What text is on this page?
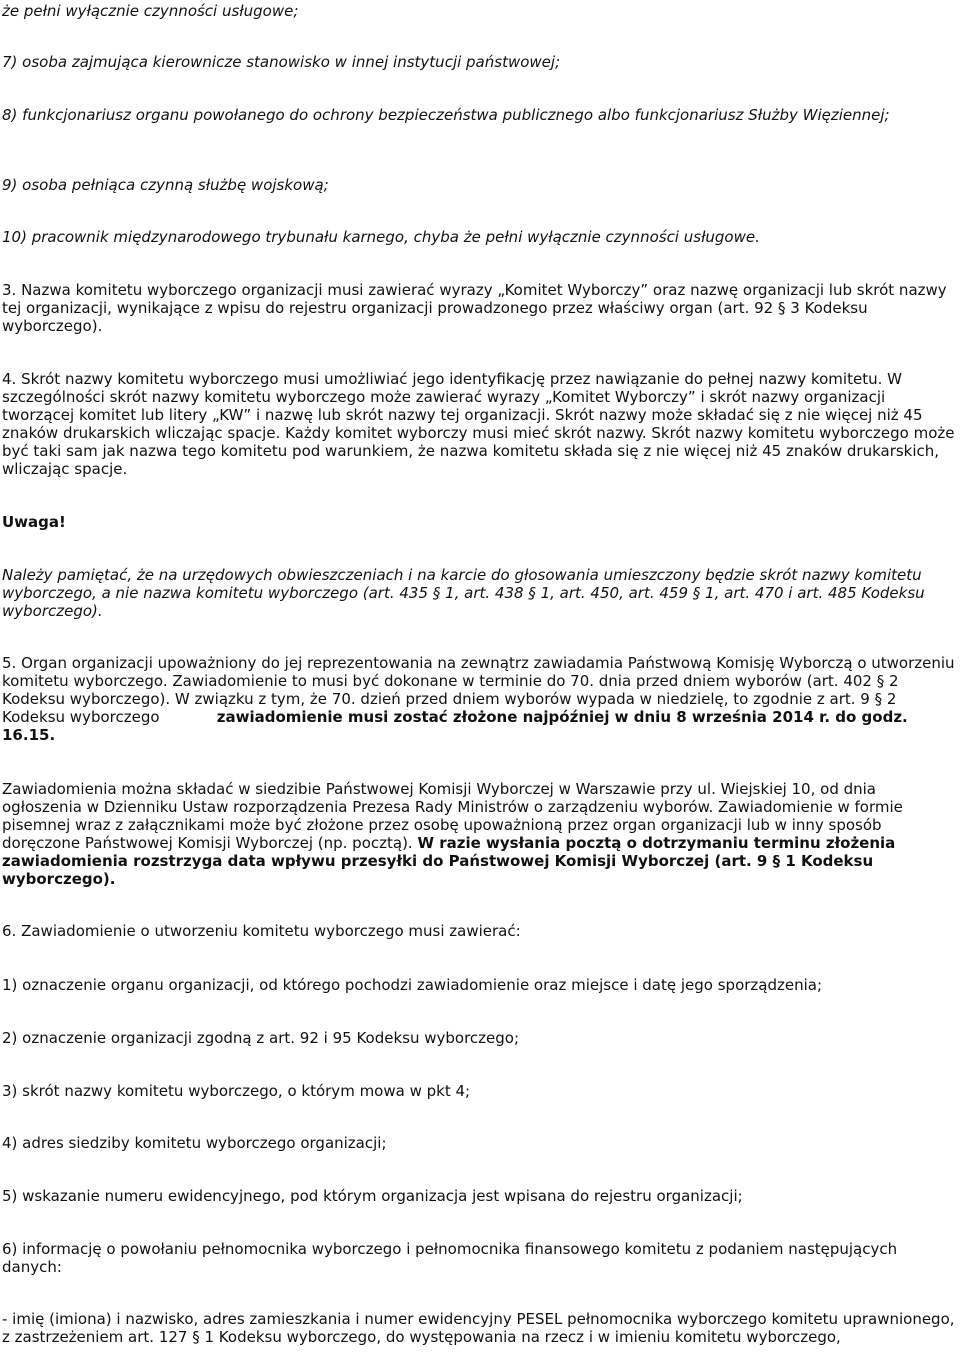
że pełni wyłącznie czynności usługowe;

7) osoba zajmująca kierownicze stanowisko w innej instytucji państwowej;

8) funkcjonariusz organu powołanego do ochrony bezpieczeństwa publicznego albo funkcjonariusz Służby Więziennej;

9) osoba pełniąca czynną służbę wojskową;

10) pracownik międzynarodowego trybunału karnego, chyba że pełni wyłącznie czynności usługowe.

3. Nazwa komitetu wyborczego organizacji musi zawierać wyrazy „Komitet Wyborczy” oraz nazwę organizacji lub skrót nazwy tej organizacji, wynikające z wpisu do rejestru organizacji prowadzonego przez właściwy organ (art. 92 § 3 Kodeksu wyborczego).

4. Skrót nazwy komitetu wyborczego musi umożliwiać jego identyfikację przez nawiązanie do pełnej nazwy komitetu. W szczególności skrót nazwy komitetu wyborczego może zawierać wyrazy „Komitet Wyborczy” i skrót nazwy organizacji tworzącej komitet lub litery „KW” i nazwę lub skrót nazwy tej organizacji. Skrót nazwy może składać się z nie więcej niż 45 znaków drukarskich wliczając spacje. Każdy komitet wyborczy musi mieć skrót nazwy. Skrót nazwy komitetu wyborczego może być taki sam jak nazwa tego komitetu pod warunkiem, że nazwa komitetu składa się z nie więcej niż 45 znaków drukarskich, wliczając spacje.

Uwaga!

Należy pamiętać, że na urzędowych obwieszczeniach i na karcie do głosowania umieszczony będzie skrót nazwy komitetu wyborczego, a nie nazwa komitetu wyborczego (art. 435 § 1, art. 438 § 1, art. 450, art. 459 § 1, art. 470 i art. 485 Kodeksu wyborczego).

5. Organ organizacji upoważniony do jej reprezentowania na zewnątrz zawiadamia Państwową Komisję Wyborczą o utworzeniu komitetu wyborczego. Zawiadomienie to musi być dokonane w terminie do 70. dnia przed dniem wyborów (art. 402 § 2 Kodeksu wyborczego). W związku z tym, że 70. dzień przed dniem wyborów wypada w niedzielę, to zgodnie z art. 9 § 2 Kodeksu wyborczego	zawiadomienie musi zostać złożone najpóźniej w dniu 8 września 2014 r. do godz. 16.15.

Zawiadomienia można składać w siedzibie Państwowej Komisji Wyborczej w Warszawie przy ul. Wiejskiej 10, od dnia ogłoszenia w Dzienniku Ustaw rozporządzenia Prezesa Rady Ministrów o zarządzeniu wyborów. Zawiadomienie w formie pisemnej wraz z załącznikami może być złożone przez osobę upoważnioną przez organ organizacji lub w inny sposób doręczone Państwowej Komisji Wyborczej (np. pocztą). W razie wysłania pocztą o dotrzymaniu terminu złożenia zawiadomienia rozstrzyga data wpływu przesyłki do Państwowej Komisji Wyborczej (art. 9 § 1 Kodeksu wyborczego).

6. Zawiadomienie o utworzeniu komitetu wyborczego musi zawierać:

1) oznaczenie organu organizacji, od którego pochodzi zawiadomienie oraz miejsce i datę jego sporządzenia;

2) oznaczenie organizacji zgodną z art. 92 i 95 Kodeksu wyborczego;

3) skrót nazwy komitetu wyborczego, o którym mowa w pkt 4;

4) adres siedziby komitetu wyborczego organizacji;

5) wskazanie numeru ewidencyjnego, pod którym organizacja jest wpisana do rejestru organizacji;

6) informację o powołaniu pełnomocnika wyborczego i pełnomocnika finansowego komitetu z podaniem następujących danych:

- imię (imiona) i nazwisko, adres zamieszkania i numer ewidencyjny PESEL pełnomocnika wyborczego komitetu uprawnionego, z zastrzeżeniem art. 127 § 1 Kodeksu wyborczego, do występowania na rzecz i w imieniu komitetu wyborczego,
